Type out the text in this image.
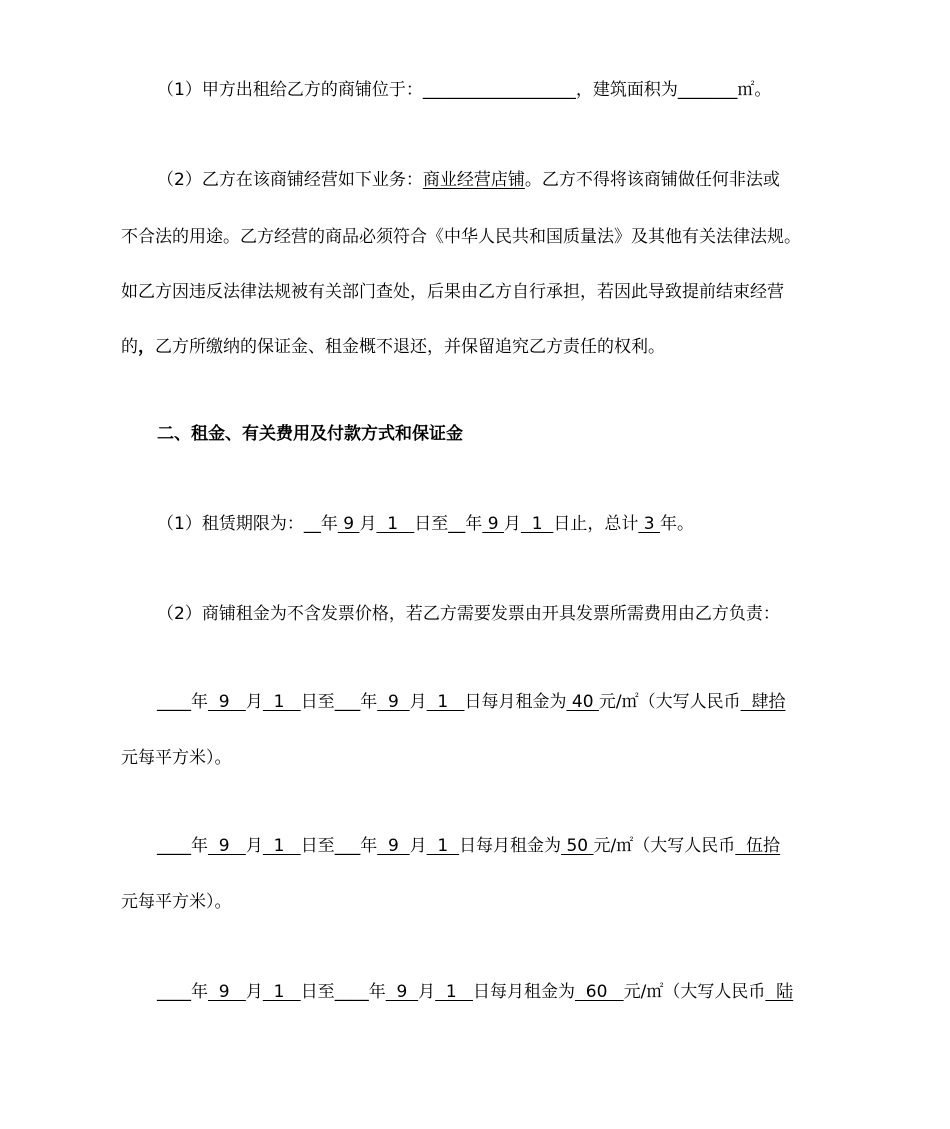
（1）甲方出租给乙方的商铺位于：__________________，建筑面积为_______㎡。
（2）乙方在该商铺经营如下业务：商业经营店铺。乙方不得将该商铺做任何非法或
不合法的用途。乙方经营的商品必须符合《中华人民共和国质量法》及其他有关法律法规。
如乙方因违反法律法规被有关部门查处，后果由乙方自行承担，若因此导致提前结束经营
的，乙方所缴纳的保证金、租金概不退还，并保留追究乙方责任的权利。
二、租金、有关费用及付款方式和保证金
（1）租赁期限为：__年 9 月  1   日至__年 9 月  1  日止，总计 3 年。
（2）商铺租金为不含发票价格，若乙方需要发票由开具发票所需费用由乙方负责：
____年  9   月  1   日至___年  9  月  1   日每月租金为 40 元/㎡（大写人民币  肆拾
元每平方米）。
____年  9   月  1   日至___年  9  月  1  日每月租金为 50 元/㎡（大写人民币  伍拾
元每平方米）。
____年  9   月  1   日至____年  9  月  1   日每月租金为  60   元/㎡（大写人民币  陆
